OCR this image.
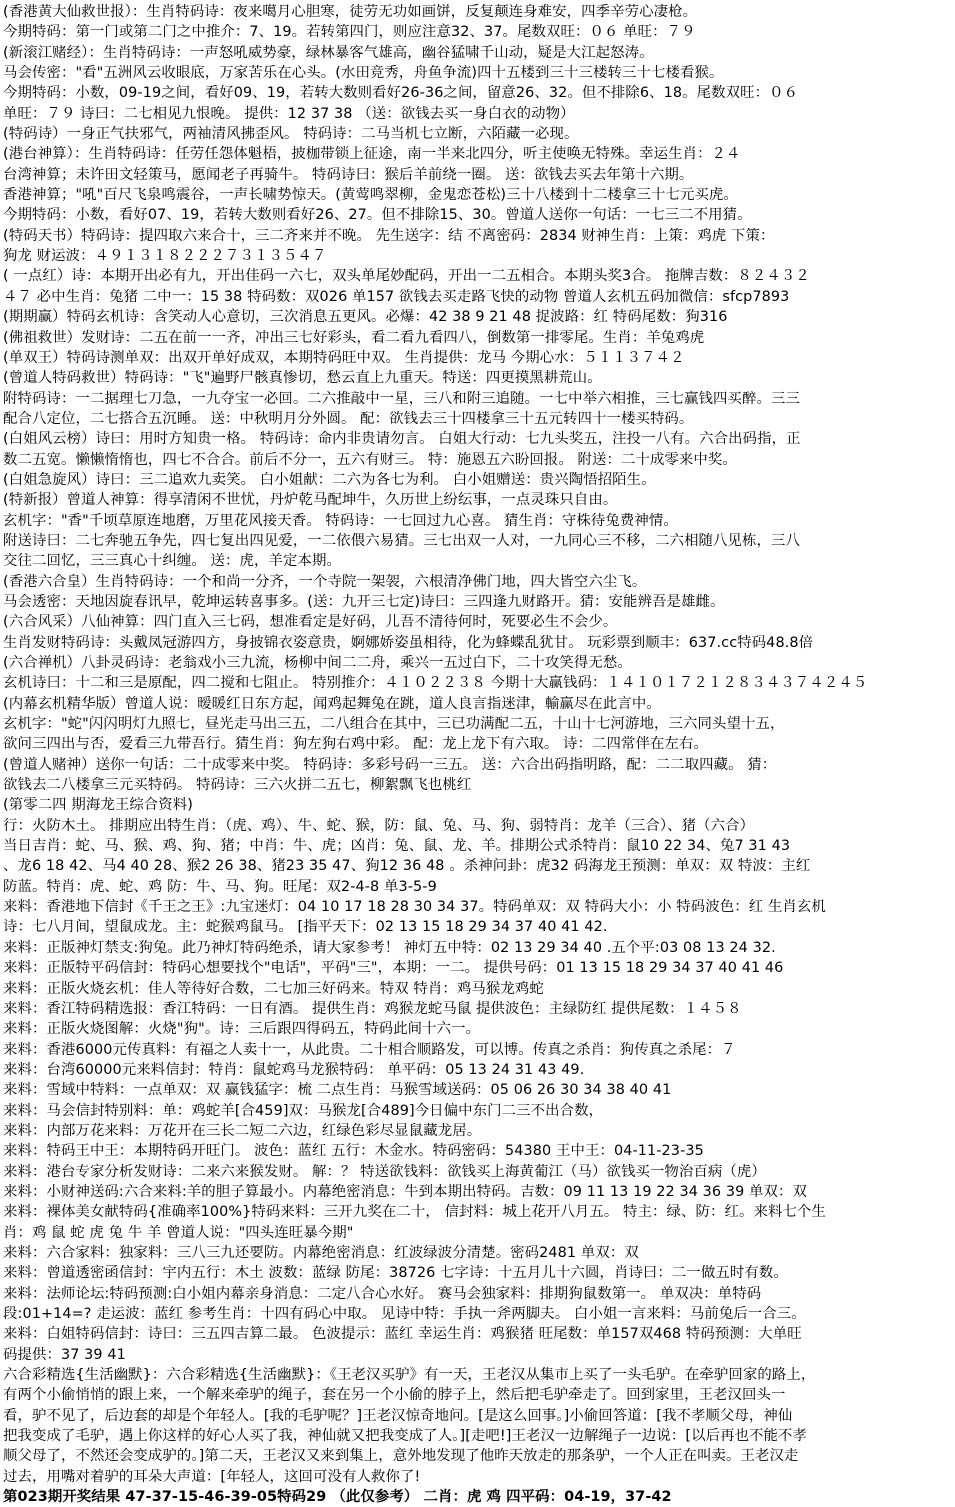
(香港黄大仙救世报）：生肖特码诗：夜来噶月心胆寒，徒劳无功如画饼，反复颠连身难安，四季辛劳心凄枪。
今期特码：第一门或第二门之中推介：7、19。若转第四门，则应注意32、37。尾数双旺：０６ 单旺：７９
(新滚江赌经）：生肖特码诗：一声怒吼威势豪，绿林暴客气雄高，幽谷猛啸千山动，疑是大江起怒涛。
马会传密："看"五洲风云收眼底，万家苦乐在心头。(水田竞秀，舟鱼争流)四十五楼到三十三楼转三十七楼看猴。
今期特码：小数，09-19之间，看好09、19，若转大数则看好26-36之间，留意26、32。但不排除6、18。尾数双旺：０６
单旺：７９ 诗曰：二七相见九恨晚。 提供：12 37 38 （送：欲钱去买一身白衣的动物）
(特码诗）一身正气扶邪气，两袖清风拂歪风。 特码诗：二马当机七立断，六陌藏一必现。
(港台神算）：生肖特码诗：任劳任怨体魁梧，披枷带锁上征途，南一半来北四分，听主使唤无特殊。幸运生肖：２４
台湾神算；未许田文轻策马，愿闻老子再骑牛。 特码诗曰：猴后羊前绕一圈。 送：欲钱去买去年第十六期。
香港神算；"吼"百尺飞泉鸣震谷，一声长啸势惊天。(黄莺鸣翠柳，金鬼恋苍松)三十八楼到十二楼拿三十七元买虎。
今期特码：小数，看好07、19，若转大数则看好26、27。但不排除15、30。曾道人送你一句话：一七三二不用猜。
(特码天书）特码诗：提四取六来合十，三二齐来并不晚。 先生送字：结 不离密码：2834 财神生肖：上策：鸡虎 下策：
狗龙 财运波：４９１３１８２２２７３１３５４７
( 一点红）诗：本期开出必有九，开出佳码一六七，双头单尾妙配码，开出一二五相合。本期头奖3合。 拖牌吉数：８２４３２
４７ 必中生肖：兔猪 二中一：15 38 特码数：双026 单157 欲钱去买走路飞快的动物 曾道人玄机五码加微信：sfcp7893
(期期赢）特码玄机诗：含笑动人心意切，三次消息五更风。必爆：42 38 9 21 48 捉波路：红 特码尾数：狗316
(佛祖救世）发财诗：二五在前一一齐，冲出三七好彩头，看二看九看四八，倒数第一排零尾。生肖：羊兔鸡虎
(单双王）特码诗测单双：出双开单好成双，本期特码旺中双。 生肖提供：龙马 今期心水：５１１３７４２
(曾道人特码救世）特码诗："飞"遍野尸骸真惨切，愁云直上九重天。特送：四更摸黑耕荒山。
附特码诗：一二据理七刀急，一九夺宝一必回。二六推敲中一星，三八和附三追随。一七中举六相推，三七赢钱四买醉。三三
配合八定位，二七搭合五沉睡。 送：中秋明月分外圆。 配：欲钱去三十四楼拿三十五元转四十一楼买特码。
(白姐风云榜）诗曰：用时方知贵一格。 特码诗：命内非贵请勿言。 白姐大行动：七九头奖五，注投一八有。六合出码指，正
数二五宽。懒懒惰惰也，四七不合合。前后不分一，五六有财三。 特：施恩五六盼回报。 附送：二十成零来中奖。
(白姐急旋风）诗曰：三二追欢九卖笑。 白小姐献：二六为各七为利。 白小姐赠送：贵兴陶悟招陌生。
(特新报）曾道人神算：得享清闲不世忧，丹炉乾马配坤牛，久历世上纷纭事，一点灵珠只自由。
玄机字："香"千顷草原连地磨，万里花风接天香。 特码诗：一七回过九心喜。 猜生肖：守株待兔费神情。
附送诗曰：二七奔驰五争先，四七复出四见爱，一二依偎六易猜。三七出双一人对，一九同心三不移，二六相随八见栋，三八
交往二回忆，三三真心十纠缠。 送：虎，羊定本期。
(香港六合皇）生肖特码诗：一个和尚一分齐，一个寺院一架袈，六根清净佛门地，四大皆空六尘飞。
马会透密：天地因旋春讯早，乾坤运转喜事多。(送：九开三七定)诗曰：三四逢九财路开。猜：安能辨吾是雄雌。
(六合风采）八仙神算：四门直入三七码，想准看定是好码，儿吾不清待何时，死要必生不会少。
生肖发财特码诗：头戴凤冠游四方，身披锦衣姿意贵，婀娜娇姿虽相待，化为蜂蝶乱犹甘。 玩彩票到顺丰：637.cc特码48.8倍
(六合禅机）八卦灵码诗：老翁戏小三九流，杨柳中间二二舟，乘兴一五过白下，二十攻笑得无愁。
玄机诗曰：十二和三是原配，四二搅和七阻止。 特别推介：４１０２２３８ 今期十大赢钱码：１４１０１７２１２８３４３７４２４５
(内幕玄机精华版）曾道人说：暧暖红日东方起，闻鸡起舞兔在跳，道人良言指迷津，輸赢尽在此言中。
玄机字："蛇"闪闪明灯九照七，昼光走马出三五，二八组合在其中，三已功满配二五，十山十七河游地，三六同头望十五，
欲问三四出与否，爱看三九带吾行。猜生肖：狗左狗右鸡中彩。 配：龙上龙下有六取。 诗：二四常伴在左右。
(曾道人赌神）送你一句话：二十成零来中奖。 特码诗：多彩号码一三五。 送：六合出码指明路，配：二二取四藏。 猜：
欲钱去二八楼拿三元买特码。 特码诗：三六火拼二五七，柳絮飘飞也桃红
(第零二四 期海龙王综合资料)
行：火防木土。 排期应出特生肖：（虎、鸡）、牛、蛇、猴，防：鼠、兔、马、狗、弱特肖：龙羊（三合）、猪（六合）
当日吉肖：蛇、马、猴、鸡、狗、猪；中肖：牛、虎；凶肖：兔、鼠、龙、羊。排期公式杀特肖：鼠10 22 34、兔7 31 43
、龙6 18 42、马4 40 28、猴2 26 38、猪23 35 47、狗12 36 48 。杀神问卦：虎32 码海龙王预测：单双：双 特波：主红
防蓝。特肖：虎、蛇、鸡 防：牛、马、狗。旺尾：双2-4-8 单3-5-9
来料：香港地下信封《千王之王》:九宝迷灯：04 10 17 18 28 30 34 37。特码单双：双 特码大小：小 特码波色：红 生肖玄机
诗：七八月间，望鼠成龙。主：蛇猴鸡鼠马。 [指平天下：02 13 15 18 29 34 37 40 41 42.
来料：正版神灯禁支:狗兔。此乃神灯特码绝杀，请大家参考！ 神灯五中特：02 13 29 34 40 .五个平:03 08 13 24 32.
来料：正版特平码信封：特码心想要找个"电话"，平码"三"，本期：一二。 提供号码：01 13 15 18 29 34 37 40 41 46
来料：正版火烧玄机：佳人等待好合数，二七加三好码来。特双 特肖：鸡马猴龙鸡蛇
来料：香江特码精选报：香江特码：一日有酒。 提供生肖：鸡猴龙蛇马鼠 提供波色：主绿防红 提供尾数：１４５８
来料：正版火烧图解：火烧"狗"。诗：三后跟四得码五，特码此间十六一。
来料：香港6000元传真料：有福之人卖十一，从此贵。二十相合顺路发，可以博。传真之杀肖：狗传真之杀尾：７
来料：台湾60000元来料信封：特肖：鼠蛇鸡马龙猴特码： 单平码：05 13 24 31 43 49.
来料：雪域中特料：一点单双：双 赢钱猛字：梳 二点生肖：马猴雪域送码：05 06 26 30 34 38 40 41
来料：马会信封特别料：单：鸡蛇羊[合459]双：马猴龙[合489]今日偏中东门二三不出合数，
来料：内部万花来料：万花开在三长二短二六边，红绿色彩尽显鼠藏龙居。
来料：特码王中王：本期特码开旺门。 波色：蓝红 五行：木金水。特码密码：54380 王中王：04-11-23-35
来料：港台专家分析发财诗：二来六来猴发财。 解：？ 特送欲钱料：欲钱买上海黄葡江（马）欲钱买一物治百病（虎）
来料：小财神送码:六合来料:羊的胆子算最小。内幕绝密消息：牛到本期出特码。吉数：09 11 13 19 22 34 36 39 单双：双
来料：裸体美女献特码{准确率100%}特码来料：三开九奖在二十， 信封料：城上花开八月五。 特主：绿、防：红。来料七个生
肖：鸡 鼠 蛇 虎 兔 牛 羊 曾道人说："四头连旺暴今期"
来料：六合家料：独家料：三八三九还要防。内幕绝密消息：红波绿波分清楚。密码2481 单双：双
来料：曾道透密函信封：宇内五行：木土 波数：蓝绿 防尾：38726 七字诗：十五月儿十六圆，肖诗曰：二一做五时有数。
来料：法师论坛:特码预测:白小姐内幕亲身消息：二定八合心水好。 赛马会独家料：排期狗鼠数第一。 单双决：单特码
段:01+14=? 走运波：蓝红 参考生肖：十四有码心中取。 见诗中特：手执一斧两脚夫。 白小姐一言来料：马前兔后一合三。
来料：白姐特码信封：诗曰：三五四吉算二最。 色波提示：蓝红 幸运生肖：鸡猴猪 旺尾数：单157双468 特码预测：大单旺
码提供：37 39 41
六合彩精选{生活幽默}：六合彩精选{生活幽默}：《王老汉买驴》有一天，王老汉从集市上买了一头毛驴。在牵驴回家的路上，
有两个小偷悄悄的跟上来，一个解来牵驴的绳子，套在另一个小偷的脖子上，然后把毛驴牵走了。回到家里，王老汉回头一
看，驴不见了，后边套的却是个年轻人。[我的毛驴呢？]王老汉惊奇地问。[是这么回事。]小偷回答道：[我不孝顺父母，神仙
把我变成了毛驴，遇上你这样的好心人买了我，神仙就又把我变成了人。][走吧!]王老汉一边解绳子一边说：[以后再也不能不孝
顺父母了，不然还会变成驴的。]第二天，王老汉又来到集上，意外地发现了他昨天放走的那条驴，一个人正在叫卖。王老汉走
过去，用嘴对着驴的耳朵大声道：[年轻人，这回可没有人救你了!
第023期开奖结果 47-37-15-46-39-05特码29 （此仅参考） 二肖：虎 鸡 四平码：04-19，37-42
